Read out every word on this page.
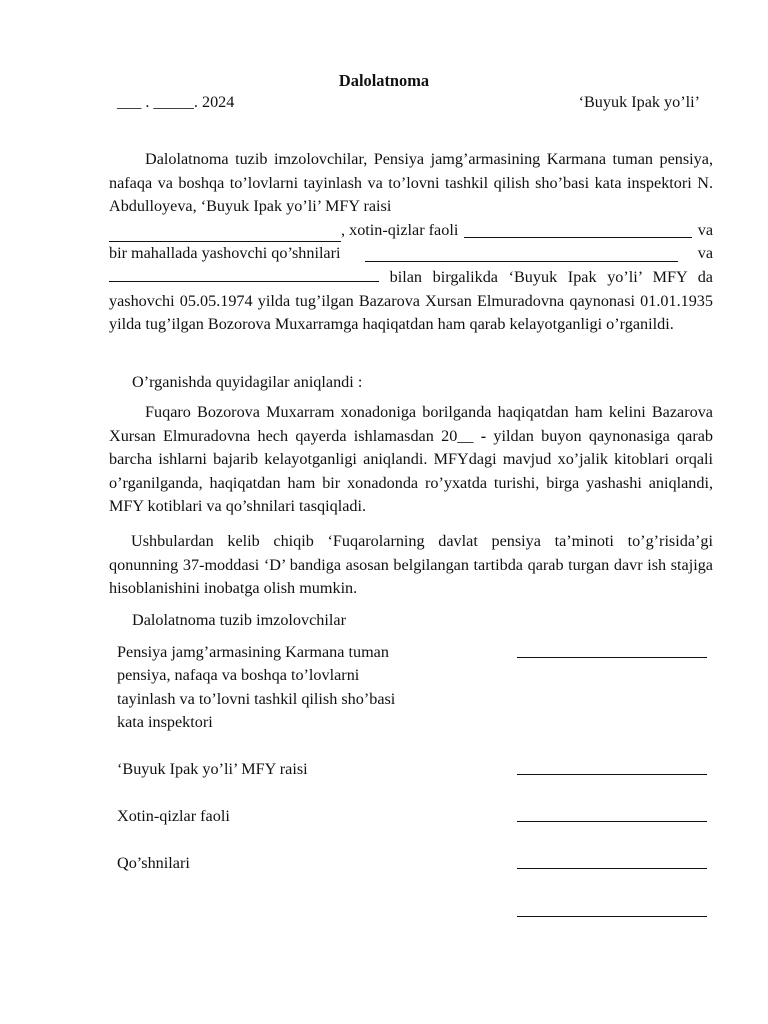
Dalolatnoma
___ . _____. 2024	‘Buyuk Ipak yo’li’

Dalolatnoma tuzib imzolovchilar, Pensiya jamg’armasining Karmana tuman pensiya, nafaqa va boshqa to’lovlarni tayinlash va to’lovni tashkil qilish sho’basi kata inspektori N. Abdulloyeva, ‘Buyuk Ipak yo’li’ MFY raisi

, xotin-qizlar faoli	va
bir mahallada yashovchi qo’shnilari	va

bilan birgalikda ‘Buyuk Ipak yo’li’ MFY da yashovchi 05.05.1974 yilda tug’ilgan Bazarova Xursan Elmuradovna qaynonasi 01.01.1935 yilda tug’ilgan Bozorova Muxarramga haqiqatdan ham qarab kelayotganligi o’rganildi.

O’rganishda quyidagilar aniqlandi :

Fuqaro Bozorova Muxarram xonadoniga borilganda haqiqatdan ham kelini Bazarova Xursan Elmuradovna hech qayerda ishlamasdan 20__ - yildan buyon qaynonasiga qarab barcha ishlarni bajarib kelayotganligi aniqlandi. MFYdagi mavjud xo’jalik kitoblari orqali o’rganilganda, haqiqatdan ham bir xonadonda ro’yxatda turishi, birga yashashi aniqlandi, MFY kotiblari va qo’shnilari tasqiqladi.

Ushbulardan kelib chiqib ‘Fuqarolarning davlat pensiya ta’minoti to’g’risida’gi qonunning 37-moddasi ‘D’ bandiga asosan belgilangan tartibda qarab turgan davr ish stajiga hisoblanishini inobatga olish mumkin.

Dalolatnoma tuzib imzolovchilar

Pensiya jamg’armasining Karmana tuman pensiya, nafaqa va boshqa to’lovlarni tayinlash va to’lovni tashkil qilish sho’basi kata inspektori
‘Buyuk Ipak yo’li’ MFY raisi
Xotin-qizlar faoli
Qo’shnilari
